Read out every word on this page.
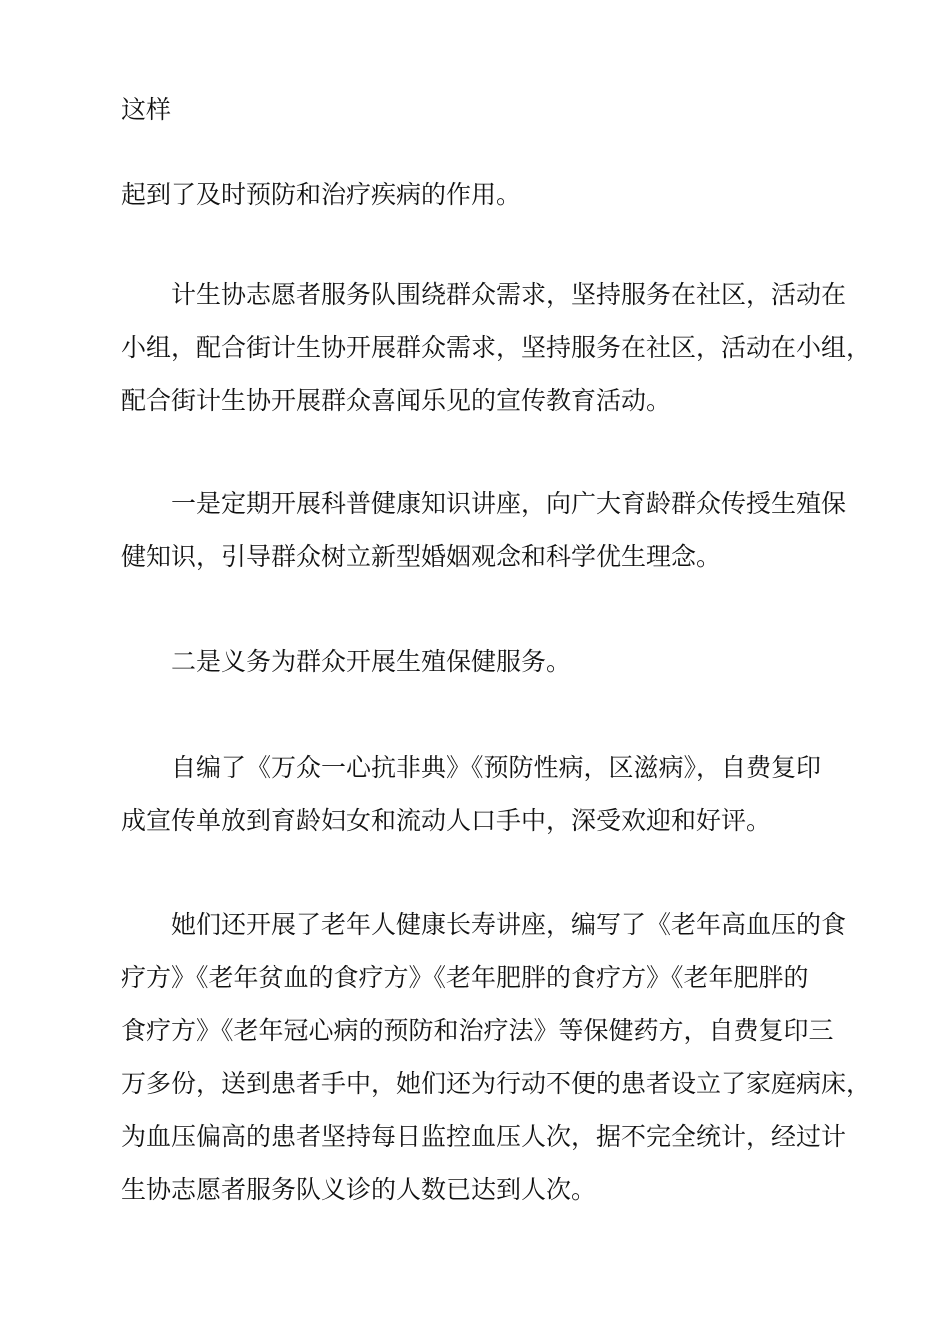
这样

起到了及时预防和治疗疾病的作用。

　　计生协志愿者服务队围绕群众需求，坚持服务在社区，活动在
小组，配合街计生协开展群众需求，坚持服务在社区，活动在小组，
配合街计生协开展群众喜闻乐见的宣传教育活动。

　　一是定期开展科普健康知识讲座，向广大育龄群众传授生殖保
健知识，引导群众树立新型婚姻观念和科学优生理念。

　　二是义务为群众开展生殖保健服务。

　　自编了《万众一心抗非典》《预防性病，区滋病》，自费复印
成宣传单放到育龄妇女和流动人口手中，深受欢迎和好评。

　　她们还开展了老年人健康长寿讲座，编写了《老年高血压的食
疗方》《老年贫血的食疗方》《老年肥胖的食疗方》《老年肥胖的
食疗方》《老年冠心病的预防和治疗法》等保健药方，自费复印三
万多份，送到患者手中，她们还为行动不便的患者设立了家庭病床，
为血压偏高的患者坚持每日监控血压人次，据不完全统计，经过计
生协志愿者服务队义诊的人数已达到人次。
